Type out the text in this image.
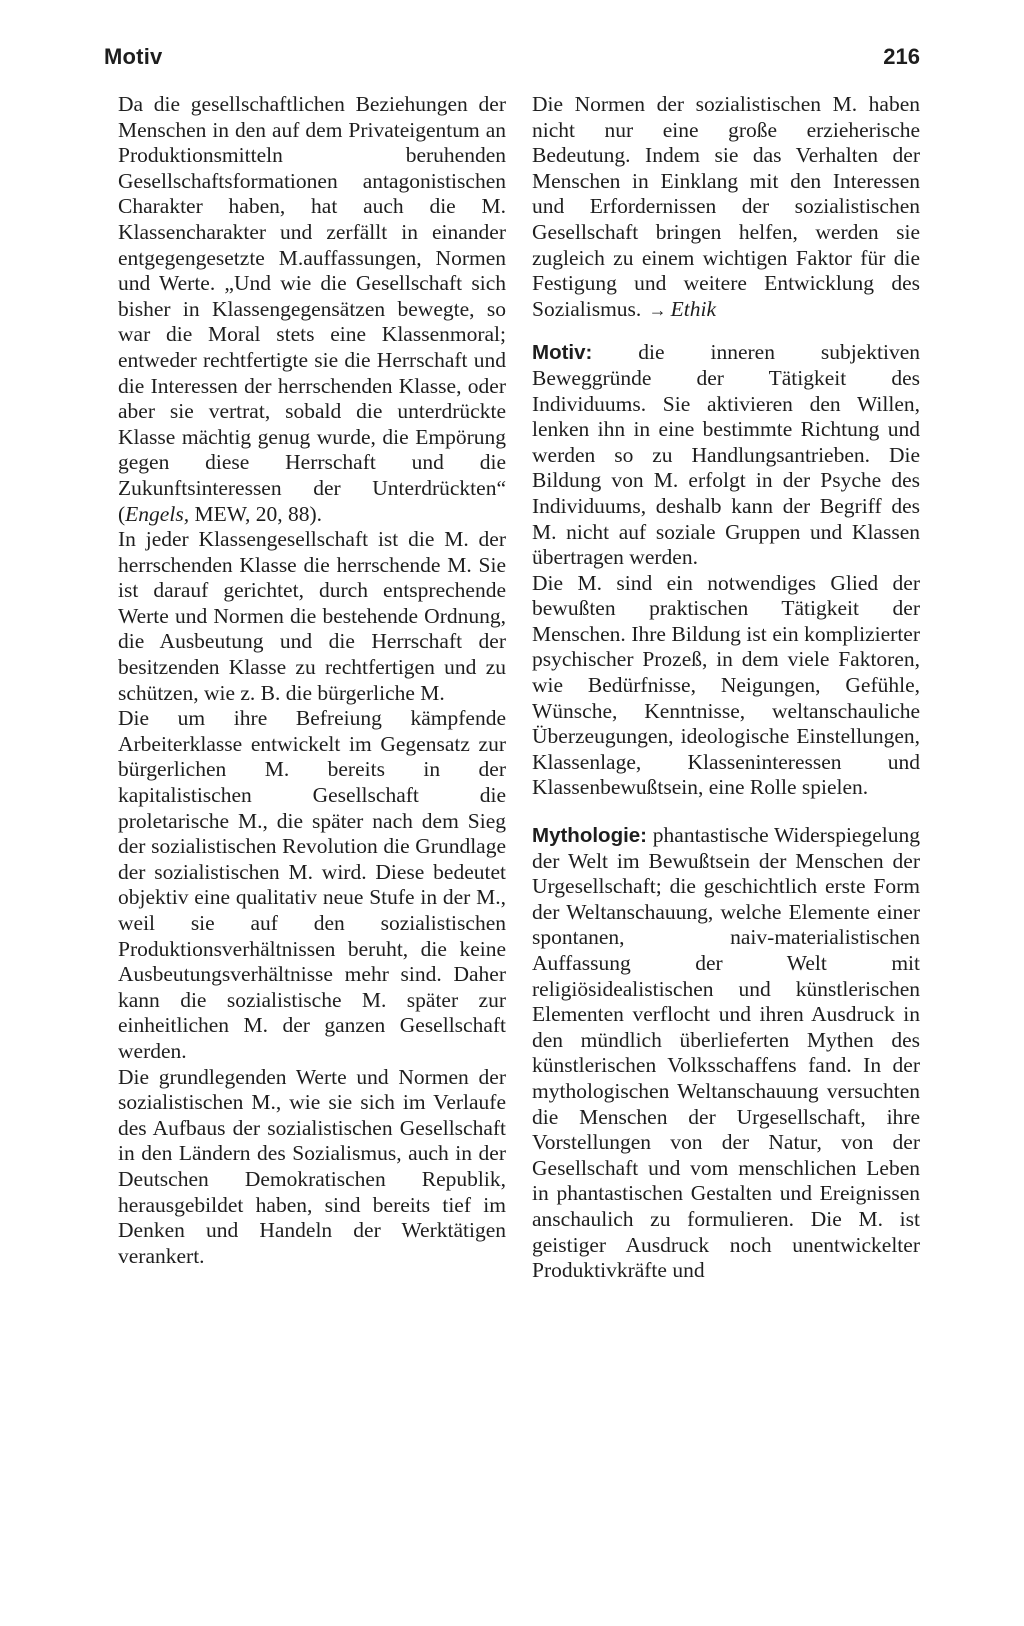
Motiv	216

Da die gesellschaftlichen Beziehungen der Menschen in den auf dem Privateigentum an Produktionsmitteln beruhenden Gesellschaftsformationen antagonistischen Charakter haben, hat auch die M. Klassencharakter und zerfällt in einander entgegengesetzte M.auffassungen, Normen und Werte. „Und wie die Gesellschaft sich bisher in Klassengegensätzen bewegte, so war die Moral stets eine Klassenmoral; entweder rechtfertigte sie die Herrschaft und die Interessen der herrschenden Klasse, oder aber sie vertrat, sobald die unterdrückte Klasse mächtig genug wurde, die Empörung gegen diese Herrschaft und die Zukunftsinteressen der Unterdrückten“ (Engels, MEW, 20, 88).

In jeder Klassengesellschaft ist die M. der herrschenden Klasse die herrschende M. Sie ist darauf gerichtet, durch entsprechende Werte und Normen die bestehende Ordnung, die Ausbeutung und die Herrschaft der besitzenden Klasse zu rechtfertigen und zu schützen, wie z. B. die bürgerliche M.

Die um ihre Befreiung kämpfende Arbeiterklasse entwickelt im Gegensatz zur bürgerlichen M. bereits in der kapitalistischen Gesellschaft die proletarische M., die später nach dem Sieg der sozialistischen Revolution die Grundlage der sozialistischen M. wird. Diese bedeutet objektiv eine qualitativ neue Stufe in der M., weil sie auf den sozialistischen Produktionsverhältnissen beruht, die keine Ausbeutungsverhältnisse mehr sind. Daher kann die sozialistische M. später zur einheitlichen M. der ganzen Gesellschaft werden.

Die grundlegenden Werte und Normen der sozialistischen M., wie sie sich im Verlaufe des Aufbaus der sozialistischen Gesellschaft in den Ländern des Sozialismus, auch in der Deutschen Demokratischen Republik, herausgebildet haben, sind bereits tief im Denken und Handeln der Werktätigen verankert.

Die Normen der sozialistischen M. haben nicht nur eine große erzieherische Bedeutung. Indem sie das Verhalten der Menschen in Einklang mit den Interessen und Erfordernissen der sozialistischen Gesellschaft bringen helfen, werden sie zugleich zu einem wichtigen Faktor für die Festigung und weitere Entwicklung des Sozialismus. → Ethik

Motiv: die inneren subjektiven Beweggründe der Tätigkeit des Individuums. Sie aktivieren den Willen, lenken ihn in eine bestimmte Richtung und werden so zu Handlungsantrieben. Die Bildung von M. erfolgt in der Psyche des Individuums, deshalb kann der Begriff des M. nicht auf soziale Gruppen und Klassen übertragen werden.

Die M. sind ein notwendiges Glied der bewußten praktischen Tätigkeit der Menschen. Ihre Bildung ist ein komplizierter psychischer Prozeß, in dem viele Faktoren, wie Bedürfnisse, Neigungen, Gefühle, Wünsche, Kenntnisse, weltanschauliche Überzeugungen, ideologische Einstellungen, Klassenlage, Klasseninteressen und Klassenbewußtsein, eine Rolle spielen.

Mythologie: phantastische Widerspiegelung der Welt im Bewußtsein der Menschen der Urgesellschaft; die geschichtlich erste Form der Weltanschauung, welche Elemente einer spontanen, naiv-materialistischen Auffassung der Welt mit religiösidealistischen und künstlerischen Elementen verflocht und ihren Ausdruck in den mündlich überlieferten Mythen des künstlerischen Volksschaffens fand. In der mythologischen Weltanschauung versuchten die Menschen der Urgesellschaft, ihre Vorstellungen von der Natur, von der Gesellschaft und vom menschlichen Leben in phantastischen Gestalten und Ereignissen anschaulich zu formulieren. Die M. ist geistiger Ausdruck noch unentwickelter Produktivkräfte und
